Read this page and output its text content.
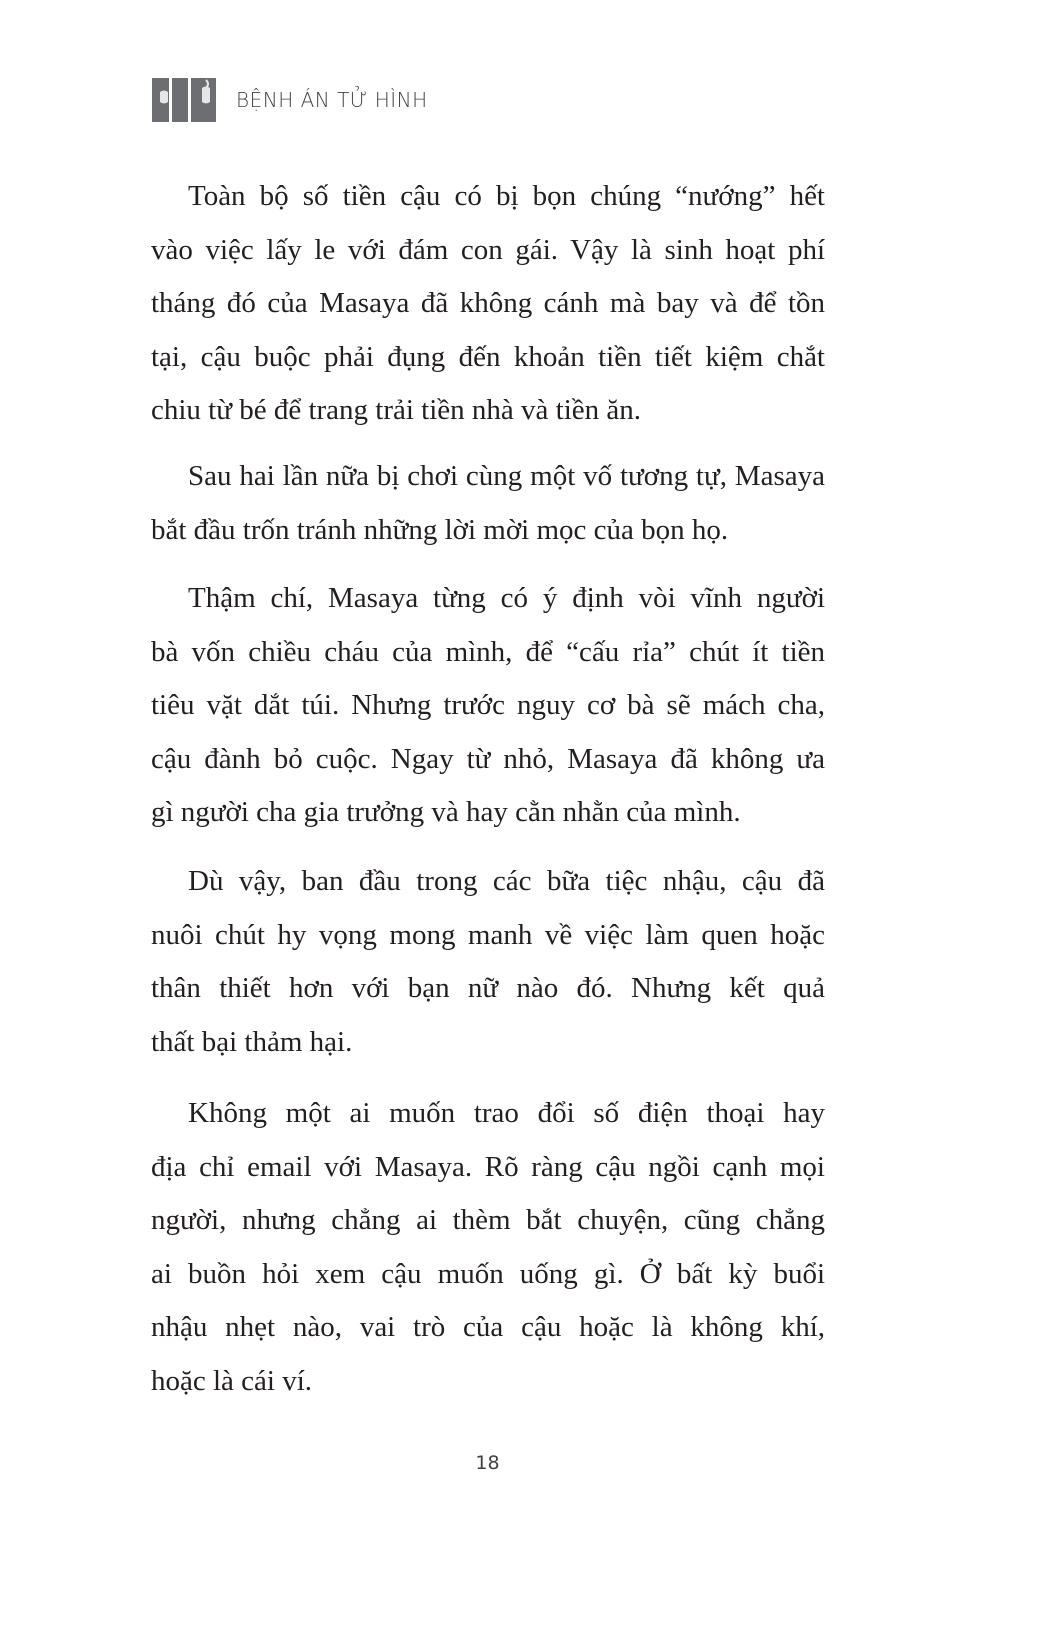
BỆNH ÁN TỬ HÌNH
Toàn bộ số tiền cậu có bị bọn chúng “nướng” hết
vào việc lấy le với đám con gái. Vậy là sinh hoạt phí
tháng đó của Masaya đã không cánh mà bay và để tồn
tại, cậu buộc phải đụng đến khoản tiền tiết kiệm chắt
chiu từ bé để trang trải tiền nhà và tiền ăn.
Sau hai lần nữa bị chơi cùng một vố tương tự, Masaya
bắt đầu trốn tránh những lời mời mọc của bọn họ.
Thậm chí, Masaya từng có ý định vòi vĩnh người
bà vốn chiều cháu của mình, để “cấu rỉa” chút ít tiền
tiêu vặt dắt túi. Nhưng trước nguy cơ bà sẽ mách cha,
cậu đành bỏ cuộc. Ngay từ nhỏ, Masaya đã không ưa
gì người cha gia trưởng và hay cằn nhằn của mình.
Dù vậy, ban đầu trong các bữa tiệc nhậu, cậu đã
nuôi chút hy vọng mong manh về việc làm quen hoặc
thân thiết hơn với bạn nữ nào đó. Nhưng kết quả
thất bại thảm hại.
Không một ai muốn trao đổi số điện thoại hay
địa chỉ email với Masaya. Rõ ràng cậu ngồi cạnh mọi
người, nhưng chẳng ai thèm bắt chuyện, cũng chẳng
ai buồn hỏi xem cậu muốn uống gì. Ở bất kỳ buổi
nhậu nhẹt nào, vai trò của cậu hoặc là không khí,
hoặc là cái ví.
18
